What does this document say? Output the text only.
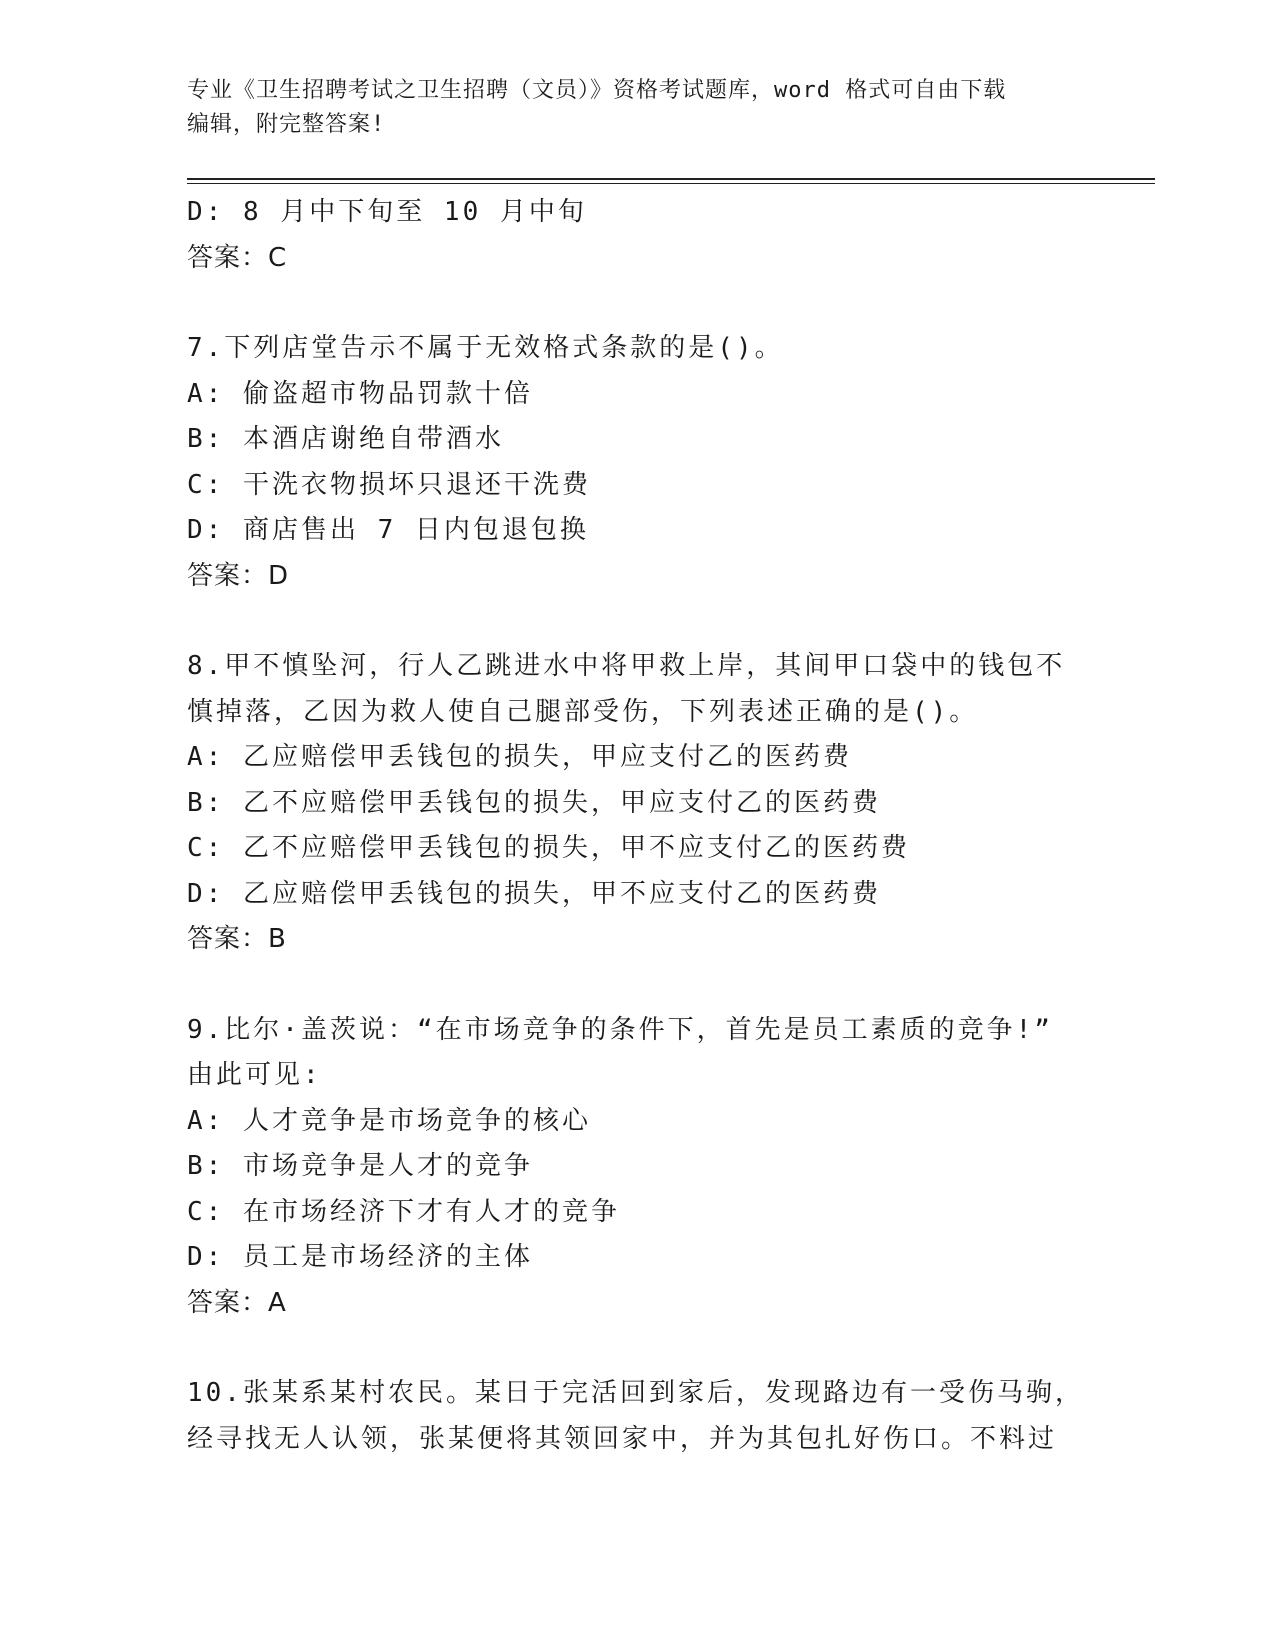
专业《卫生招聘考试之卫生招聘（文员）》资格考试题库，word 格式可自由下载

编辑，附完整答案!

D: 8 月中下旬至 10 月中旬
答案：C
7.下列店堂告示不属于无效格式条款的是()。
A: 偷盗超市物品罚款十倍
B: 本酒店谢绝自带酒水
C: 干洗衣物损坏只退还干洗费
D: 商店售出 7 日内包退包换
答案：D
8.甲不慎坠河，行人乙跳进水中将甲救上岸，其间甲口袋中的钱包不
慎掉落，乙因为救人使自己腿部受伤，下列表述正确的是()。
A: 乙应赔偿甲丢钱包的损失，甲应支付乙的医药费
B: 乙不应赔偿甲丢钱包的损失，甲应支付乙的医药费
C: 乙不应赔偿甲丢钱包的损失，甲不应支付乙的医药费
D: 乙应赔偿甲丢钱包的损失，甲不应支付乙的医药费
答案：B
9.比尔·盖茨说：“在市场竞争的条件下，首先是员工素质的竞争!”
由此可见:
A: 人才竞争是市场竞争的核心
B: 市场竞争是人才的竞争
C: 在市场经济下才有人才的竞争
D: 员工是市场经济的主体
答案：A
10.张某系某村农民。某日于完活回到家后，发现路边有一受伤马驹，
经寻找无人认领，张某便将其领回家中，并为其包扎好伤口。不料过
